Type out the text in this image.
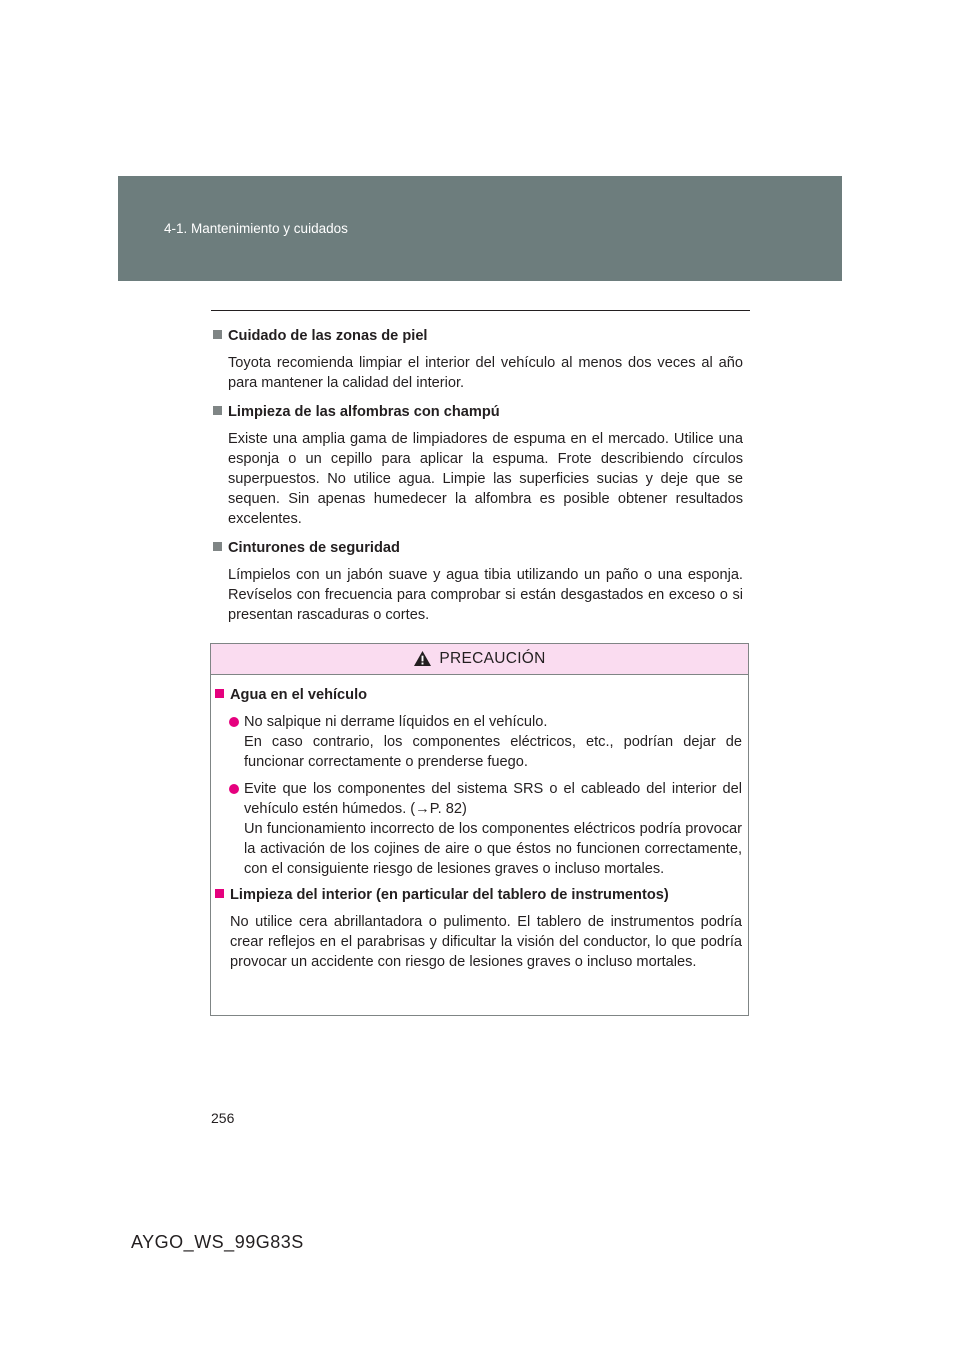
4-1. Mantenimiento y cuidados

Cuidado de las zonas de piel

Toyota recomienda limpiar el interior del vehículo al menos dos veces al año para mantener la calidad del interior.

Limpieza de las alfombras con champú

Existe una amplia gama de limpiadores de espuma en el mercado. Utilice una esponja o un cepillo para aplicar la espuma. Frote describiendo círculos superpuestos. No utilice agua. Limpie las superficies sucias y deje que se sequen. Sin apenas humedecer la alfombra es posible obtener resultados excelentes.

Cinturones de seguridad

Límpielos con un jabón suave y agua tibia utilizando un paño o una esponja. Revíselos con frecuencia para comprobar si están desgastados en exceso o si presentan rascaduras o cortes.

PRECAUCIÓN

Agua en el vehículo

No salpique ni derrame líquidos en el vehículo.
En caso contrario, los componentes eléctricos, etc., podrían dejar de funcionar correctamente o prenderse fuego.
Evite que los componentes del sistema SRS o el cableado del interior del vehículo estén húmedos. (→P. 82)
Un funcionamiento incorrecto de los componentes eléctricos podría provocar la activación de los cojines de aire o que éstos no funcionen correctamente, con el consiguiente riesgo de lesiones graves o incluso mortales.

Limpieza del interior (en particular del tablero de instrumentos)

No utilice cera abrillantadora o pulimento. El tablero de instrumentos podría crear reflejos en el parabrisas y dificultar la visión del conductor, lo que podría provocar un accidente con riesgo de lesiones graves o incluso mortales.

256
AYGO_WS_99G83S
